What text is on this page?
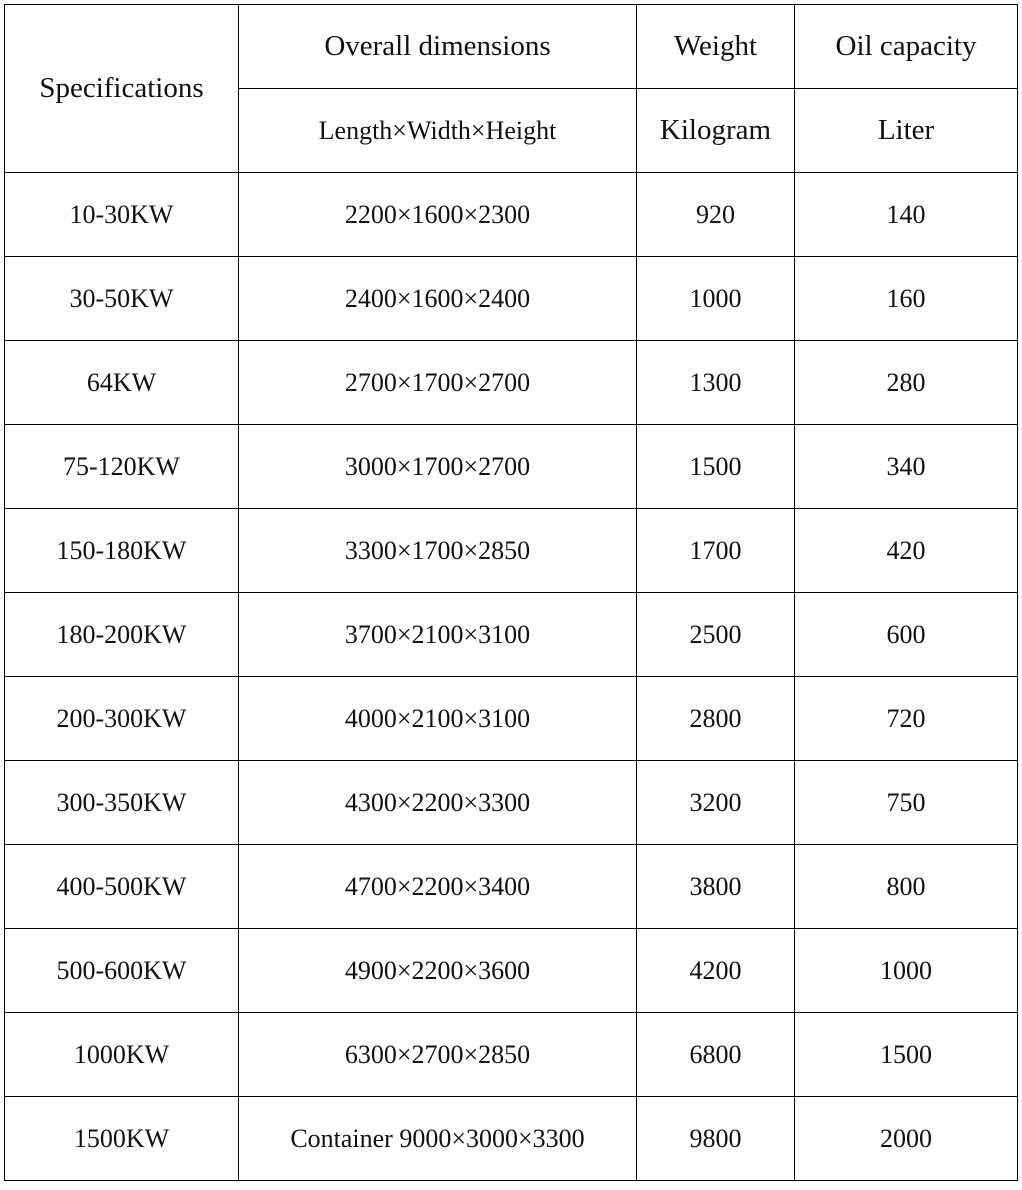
Specifications	Overall dimensions	Weight	Oil capacity
	Length×Width×Height	Kilogram	Liter
10-30KW	2200×1600×2300	920	140
30-50KW	2400×1600×2400	1000	160
64KW	2700×1700×2700	1300	280
75-120KW	3000×1700×2700	1500	340
150-180KW	3300×1700×2850	1700	420
180-200KW	3700×2100×3100	2500	600
200-300KW	4000×2100×3100	2800	720
300-350KW	4300×2200×3300	3200	750
400-500KW	4700×2200×3400	3800	800
500-600KW	4900×2200×3600	4200	1000
1000KW	6300×2700×2850	6800	1500
1500KW	Container 9000×3000×3300	9800	2000
